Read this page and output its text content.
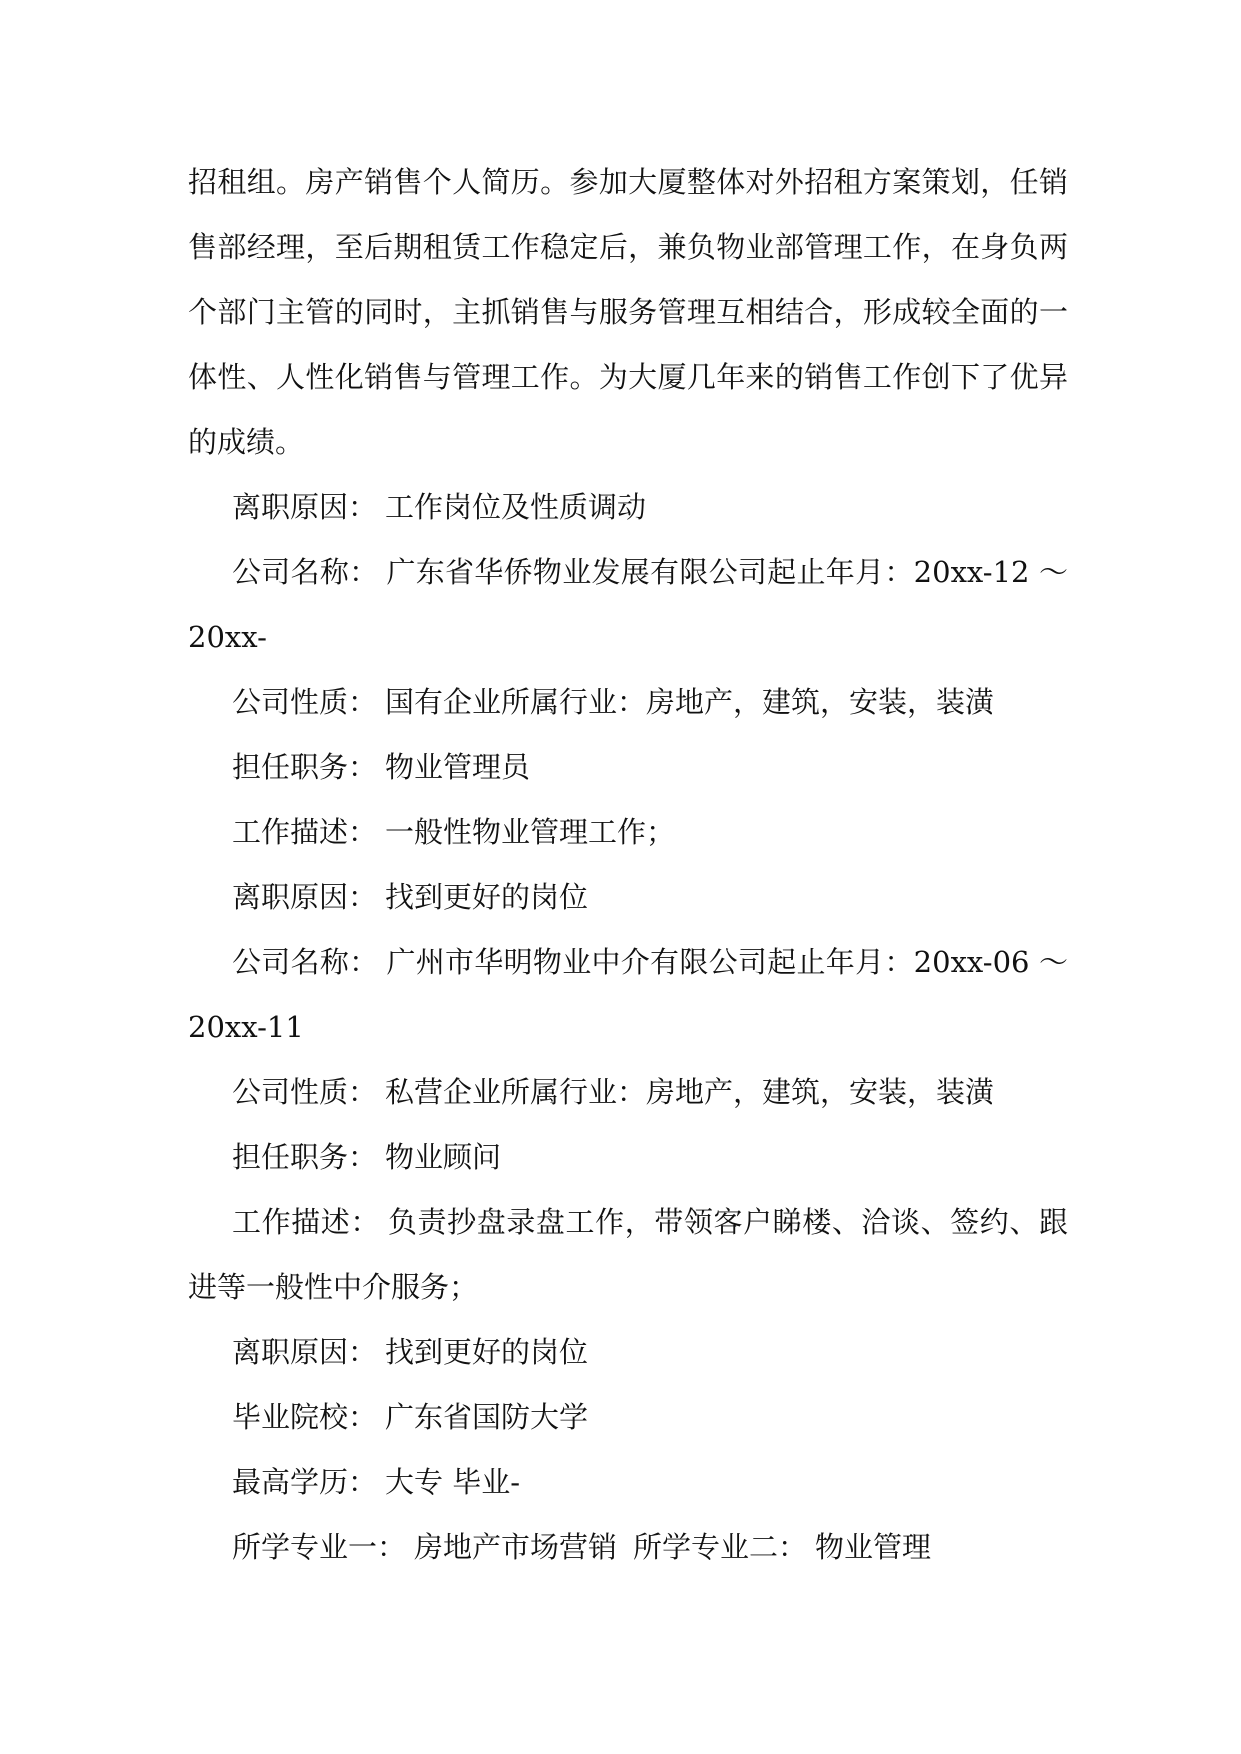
招租组。房产销售个人简历。参加大厦整体对外招租方案策划，任销售部经理，至后期租赁工作稳定后，兼负物业部管理工作，在身负两个部门主管的同时，主抓销售与服务管理互相结合，形成较全面的一体性、人性化销售与管理工作。为大厦几年来的销售工作创下了优异的成绩。

离职原因： 工作岗位及性质调动

公司名称： 广东省华侨物业发展有限公司起止年月：20xx-12 ～ 20xx-

公司性质： 国有企业所属行业：房地产，建筑，安装，装潢
担任职务： 物业管理员
工作描述： 一般性物业管理工作；
离职原因： 找到更好的岗位

公司名称： 广州市华明物业中介有限公司起止年月：20xx-06 ～ 20xx-11

公司性质： 私营企业所属行业：房地产，建筑，安装，装潢
担任职务： 物业顾问

工作描述： 负责抄盘录盘工作，带领客户睇楼、洽谈、签约、跟进等一般性中介服务；

离职原因： 找到更好的岗位
毕业院校： 广东省国防大学
最高学历： 大专 毕业-
所学专业一： 房地产市场营销 所学专业二： 物业管理
